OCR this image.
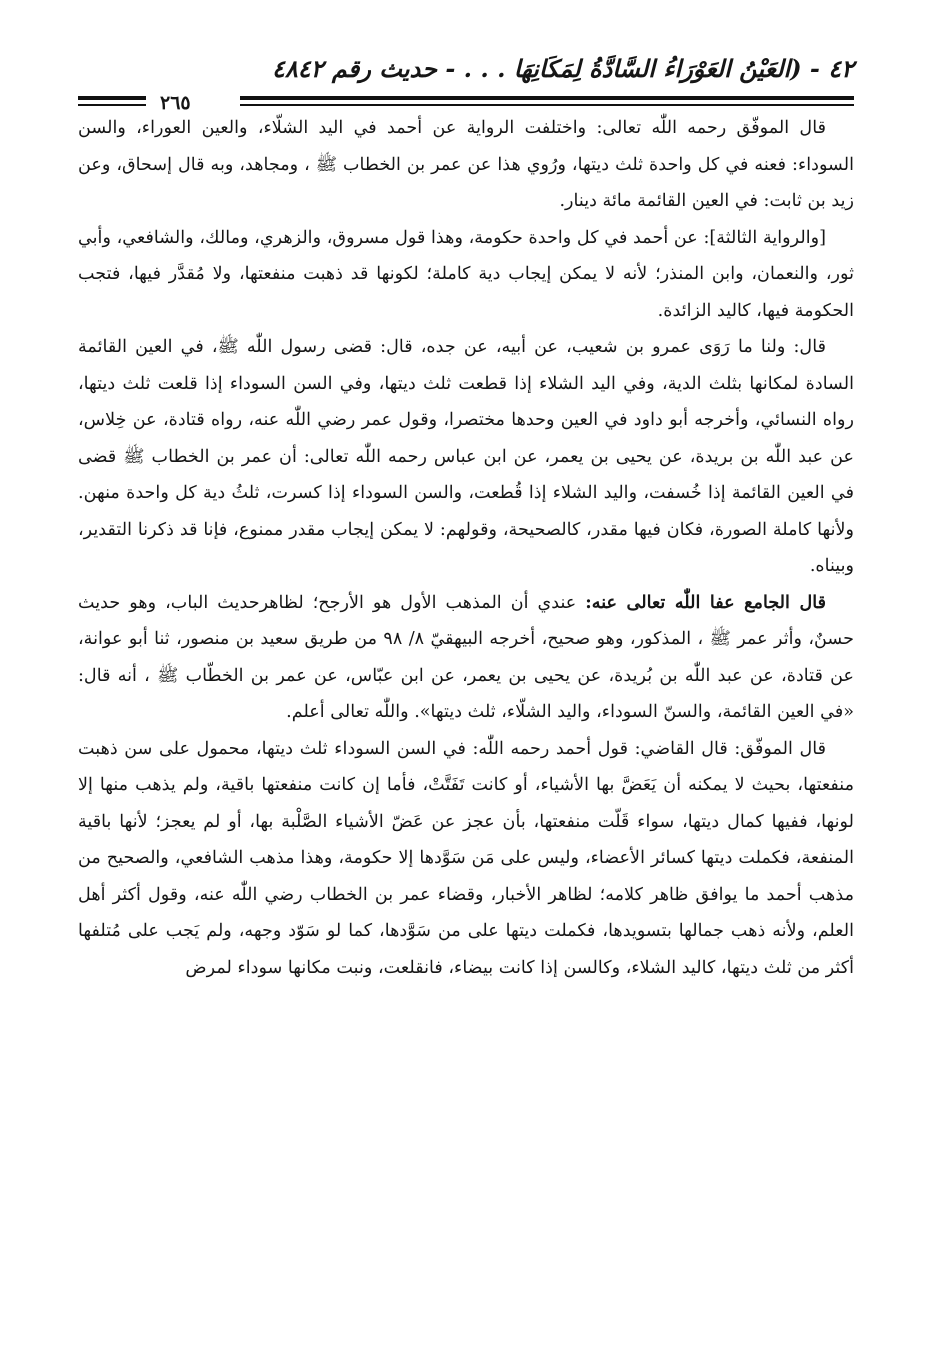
٤٢ - (العَيْنُ العَوْرَاءُ السَّادَّةُ لِمَكَانِهَا . . . - حديث رقم ٤٨٤٢
٢٦٥

قال الموفّق رحمه اللّٰه تعالى: واختلفت الرواية عن أحمد في اليد الشلّاء، والعين العوراء، والسن السوداء: فعنه في كل واحدة ثلث ديتها، ورُوي هذا عن عمر بن الخطاب ﷺ ، ومجاهد، وبه قال إسحاق، وعن زيد بن ثابت: في العين القائمة مائة دينار.

[والرواية الثالثة]: عن أحمد في كل واحدة حكومة، وهذا قول مسروق، والزهري، ومالك، والشافعي، وأبي ثور، والنعمان، وابن المنذر؛ لأنه لا يمكن إيجاب دية كاملة؛ لكونها قد ذهبت منفعتها، ولا مُقدَّر فيها، فتجب الحكومة فيها، كاليد الزائدة.

قال: ولنا ما رَوَى عمرو بن شعيب، عن أبيه، عن جده، قال: قضى رسول اللّٰه ﷺ، في العين القائمة السادة لمكانها بثلث الدية، وفي اليد الشلاء إذا قطعت ثلث ديتها، وفي السن السوداء إذا قلعت ثلث ديتها، رواه النسائي، وأخرجه أبو داود في العين وحدها مختصرا، وقول عمر رضي اللّٰه عنه، رواه قتادة، عن خِلاس، عن عبد اللّٰه بن بريدة، عن يحيى بن يعمر، عن ابن عباس رحمه اللّٰه تعالى: أن عمر بن الخطاب ﷺ قضى في العين القائمة إذا خُسفت، واليد الشلاء إذا قُطعت، والسن السوداء إذا كسرت، ثلثُ دية كل واحدة منهن. ولأنها كاملة الصورة، فكان فيها مقدر، كالصحيحة، وقولهم: لا يمكن إيجاب مقدر ممنوع، فإنا قد ذكرنا التقدير، وبيناه.

قال الجامع عفا اللّٰه تعالى عنه: عندي أن المذهب الأول هو الأرجح؛ لظاهرحديث الباب، وهو حديث حسنٌ، وأثر عمر ﷺ ، المذكور، وهو صحيح، أخرجه البيهقيّ ٨/ ٩٨ من طريق سعيد بن منصور، ثنا أبو عوانة، عن قتادة، عن عبد اللّٰه بن بُريدة، عن يحيى بن يعمر، عن ابن عبّاس، عن عمر بن الخطّاب ﷺ ، أنه قال: «في العين القائمة، والسنّ السوداء، واليد الشلّاء، ثلث ديتها». واللّٰه تعالى أعلم.

قال الموفّق: قال القاضي: قول أحمد رحمه اللّٰه: في السن السوداء ثلث ديتها، محمول على سن ذهبت منفعتها، بحيث لا يمكنه أن يَعَضَّ بها الأشياء، أو كانت تَفَتَّتْ، فأما إن كانت منفعتها باقية، ولم يذهب منها إلا لونها، ففيها كمال ديتها، سواء قَلّت منفعتها، بأن عجز عن عَضّ الأشياء الصَّلْبة بها، أو لم يعجز؛ لأنها باقية المنفعة، فكملت ديتها كسائر الأعضاء، وليس على مَن سَوَّدها إلا حكومة، وهذا مذهب الشافعي، والصحيح من مذهب أحمد ما يوافق ظاهر كلامه؛ لظاهر الأخبار، وقضاء عمر بن الخطاب رضي اللّٰه عنه، وقول أكثر أهل العلم، ولأنه ذهب جمالها بتسويدها، فكملت ديتها على من سَوَّدها، كما لو سَوّد وجهه، ولم يَجب على مُتلفها أكثر من ثلث ديتها، كاليد الشلاء، وكالسن إذا كانت بيضاء، فانقلعت، ونبت مكانها سوداء لمرض
